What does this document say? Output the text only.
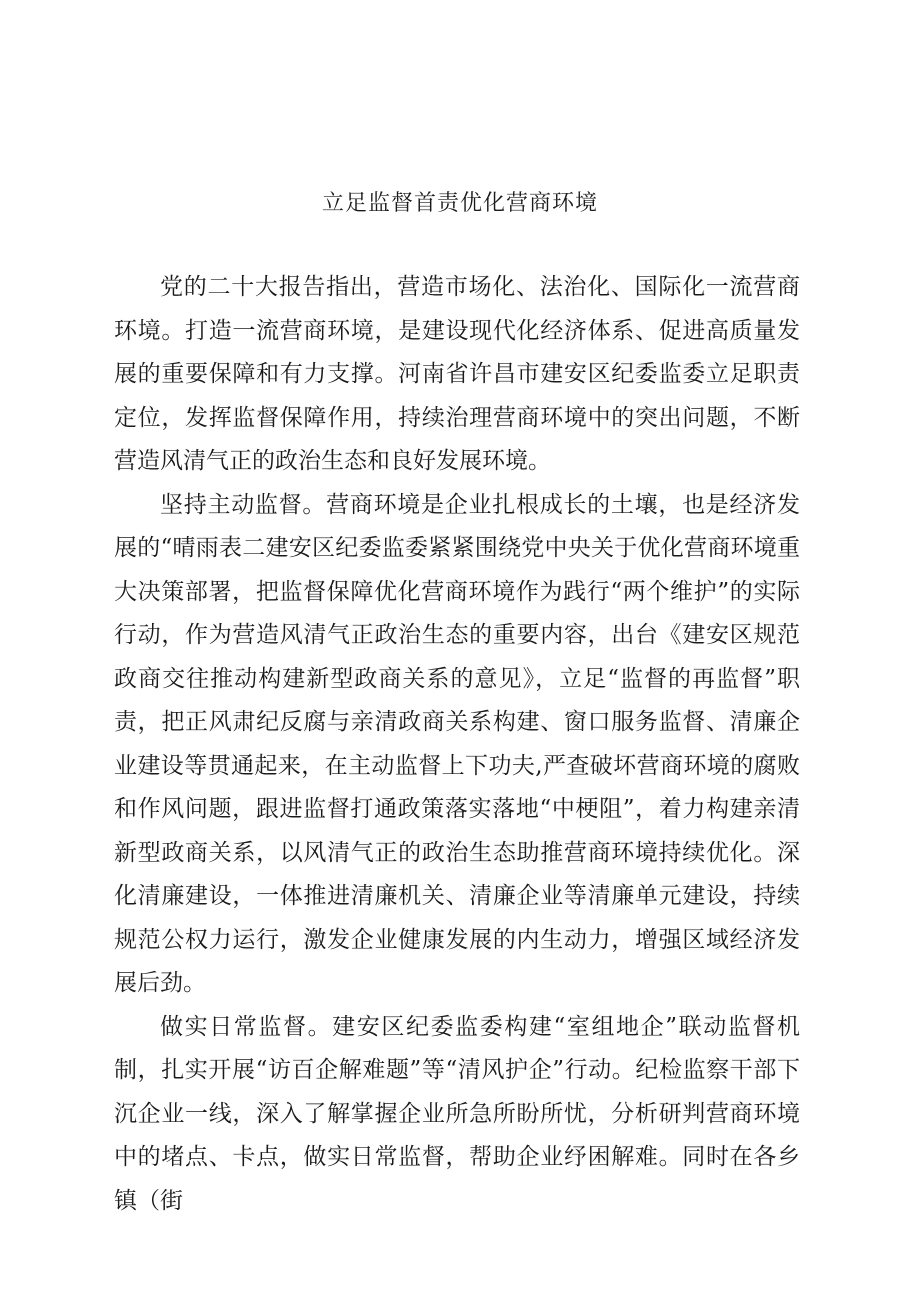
立足监督首责优化营商环境

党的二十大报告指出，营造市场化、法治化、国际化一流营商环境。打造一流营商环境，是建设现代化经济体系、促进高质量发展的重要保障和有力支撑。河南省许昌市建安区纪委监委立足职责定位，发挥监督保障作用，持续治理营商环境中的突出问题，不断营造风清气正的政治生态和良好发展环境。

坚持主动监督。营商环境是企业扎根成长的土壤，也是经济发展的“晴雨表二建安区纪委监委紧紧围绕党中央关于优化营商环境重大决策部署，把监督保障优化营商环境作为践行“两个维护”的实际行动，作为营造风清气正政治生态的重要内容，出台《建安区规范政商交往推动构建新型政商关系的意见》，立足“监督的再监督”职责，把正风肃纪反腐与亲清政商关系构建、窗口服务监督、清廉企业建设等贯通起来，在主动监督上下功夫,严查破坏营商环境的腐败和作风问题，跟进监督打通政策落实落地“中梗阻”，着力构建亲清新型政商关系，以风清气正的政治生态助推营商环境持续优化。深化清廉建设，一体推进清廉机关、清廉企业等清廉单元建设，持续规范公权力运行，激发企业健康发展的内生动力，增强区域经济发展后劲。

做实日常监督。建安区纪委监委构建“室组地企”联动监督机制，扎实开展“访百企解难题”等“清风护企”行动。纪检监察干部下沉企业一线，深入了解掌握企业所急所盼所忧，分析研判营商环境中的堵点、卡点，做实日常监督，帮助企业纾困解难。同时在各乡镇（街
